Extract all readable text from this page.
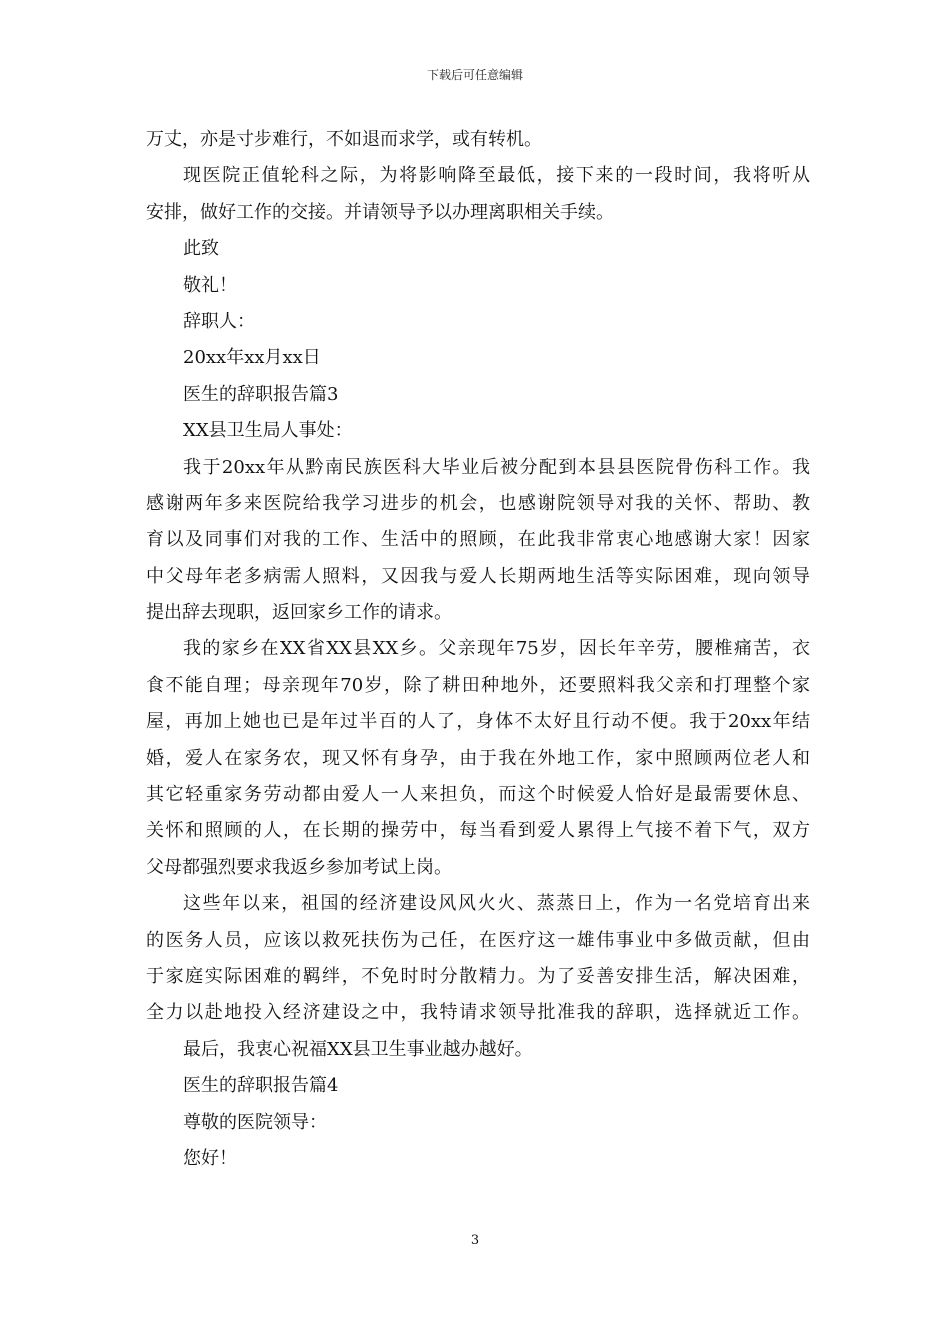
下载后可任意编辑
万丈，亦是寸步难行，不如退而求学，或有转机。
现医院正值轮科之际，为将影响降至最低，接下来的一段时间，我将听从
安排，做好工作的交接。并请领导予以办理离职相关手续。
此致
敬礼！
辞职人：
20xx年xx月xx日
医生的辞职报告篇3
XX县卫生局人事处：
我于20xx年从黔南民族医科大毕业后被分配到本县县医院骨伤科工作。我
感谢两年多来医院给我学习进步的机会，也感谢院领导对我的关怀、帮助、教
育以及同事们对我的工作、生活中的照顾，在此我非常衷心地感谢大家！因家
中父母年老多病需人照料，又因我与爱人长期两地生活等实际困难，现向领导
提出辞去现职，返回家乡工作的请求。
我的家乡在XX省XX县XX乡。父亲现年75岁，因长年辛劳，腰椎痛苦，衣
食不能自理；母亲现年70岁，除了耕田种地外，还要照料我父亲和打理整个家
屋，再加上她也已是年过半百的人了，身体不太好且行动不便。我于20xx年结
婚，爱人在家务农，现又怀有身孕，由于我在外地工作，家中照顾两位老人和
其它轻重家务劳动都由爱人一人来担负，而这个时候爱人恰好是最需要休息、
关怀和照顾的人，在长期的操劳中，每当看到爱人累得上气接不着下气，双方
父母都强烈要求我返乡参加考试上岗。
这些年以来，祖国的经济建设风风火火、蒸蒸日上，作为一名党培育出来
的医务人员，应该以救死扶伤为己任，在医疗这一雄伟事业中多做贡献，但由
于家庭实际困难的羁绊，不免时时分散精力。为了妥善安排生活，解决困难，
全力以赴地投入经济建设之中，我特请求领导批准我的辞职，选择就近工作。
最后，我衷心祝福XX县卫生事业越办越好。
医生的辞职报告篇4
尊敬的医院领导：
您好！
3
